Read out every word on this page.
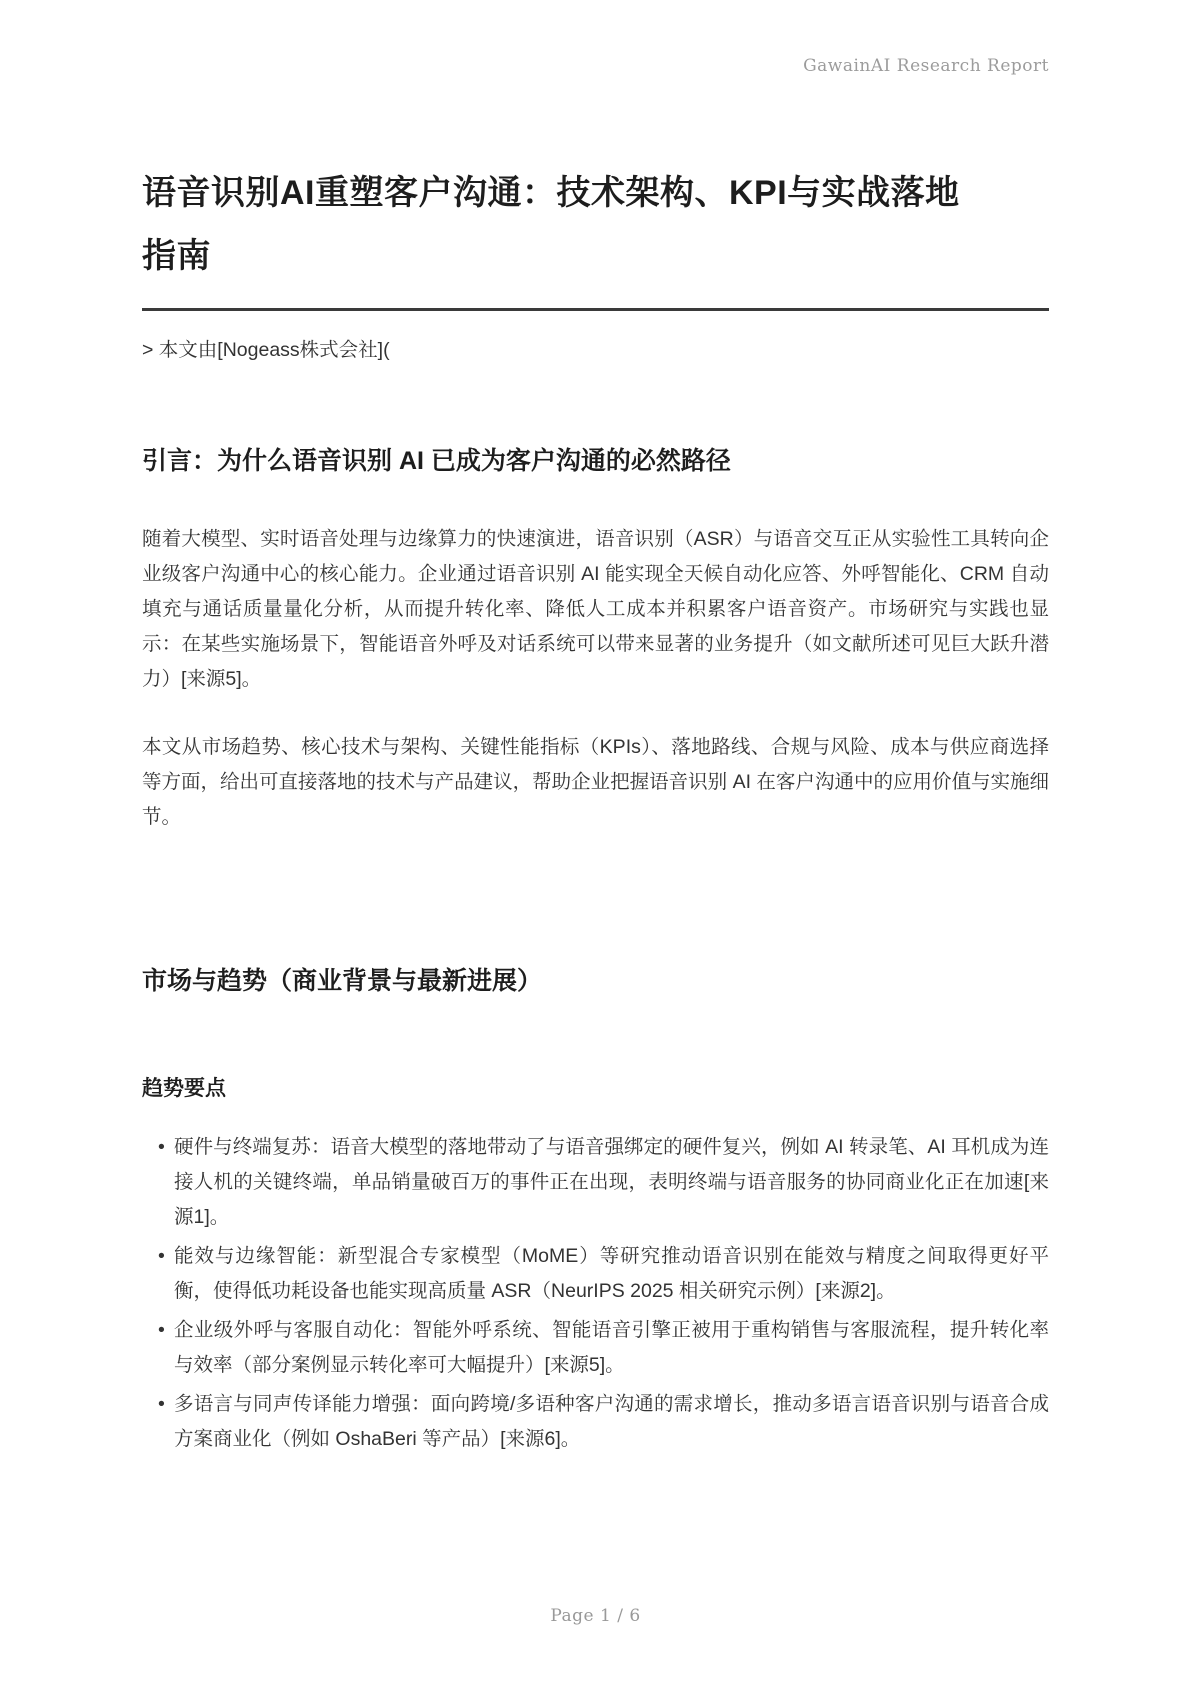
GawainAI Research Report
语音识别AI重塑客户沟通：技术架构、KPI与实战落地指南

> 本文由[Nogeass株式会社](

引言：为什么语音识别 AI 已成为客户沟通的必然路径

随着大模型、实时语音处理与边缘算力的快速演进，语音识别（ASR）与语音交互正从实验性工具转向企业级客户沟通中心的核心能力。企业通过语音识别 AI 能实现全天候自动化应答、外呼智能化、CRM 自动填充与通话质量量化分析，从而提升转化率、降低人工成本并积累客户语音资产。市场研究与实践也显示：在某些实施场景下，智能语音外呼及对话系统可以带来显著的业务提升（如文献所述可见巨大跃升潜力）[来源5]。

本文从市场趋势、核心技术与架构、关键性能指标（KPIs）、落地路线、合规与风险、成本与供应商选择等方面，给出可直接落地的技术与产品建议，帮助企业把握语音识别 AI 在客户沟通中的应用价值与实施细节。

市场与趋势（商业背景与最新进展）
趋势要点
• 硬件与终端复苏：语音大模型的落地带动了与语音强绑定的硬件复兴，例如 AI 转录笔、AI 耳机成为连接人机的关键终端，单品销量破百万的事件正在出现，表明终端与语音服务的协同商业化正在加速[来源1]。
• 能效与边缘智能：新型混合专家模型（MoME）等研究推动语音识别在能效与精度之间取得更好平衡，使得低功耗设备也能实现高质量 ASR（NeurIPS 2025 相关研究示例）[来源2]。
• 企业级外呼与客服自动化：智能外呼系统、智能语音引擎正被用于重构销售与客服流程，提升转化率与效率（部分案例显示转化率可大幅提升）[来源5]。
• 多语言与同声传译能力增强：面向跨境/多语种客户沟通的需求增长，推动多语言语音识别与语音合成方案商业化（例如 OshaBeri 等产品）[来源6]。
Page 1 / 6
